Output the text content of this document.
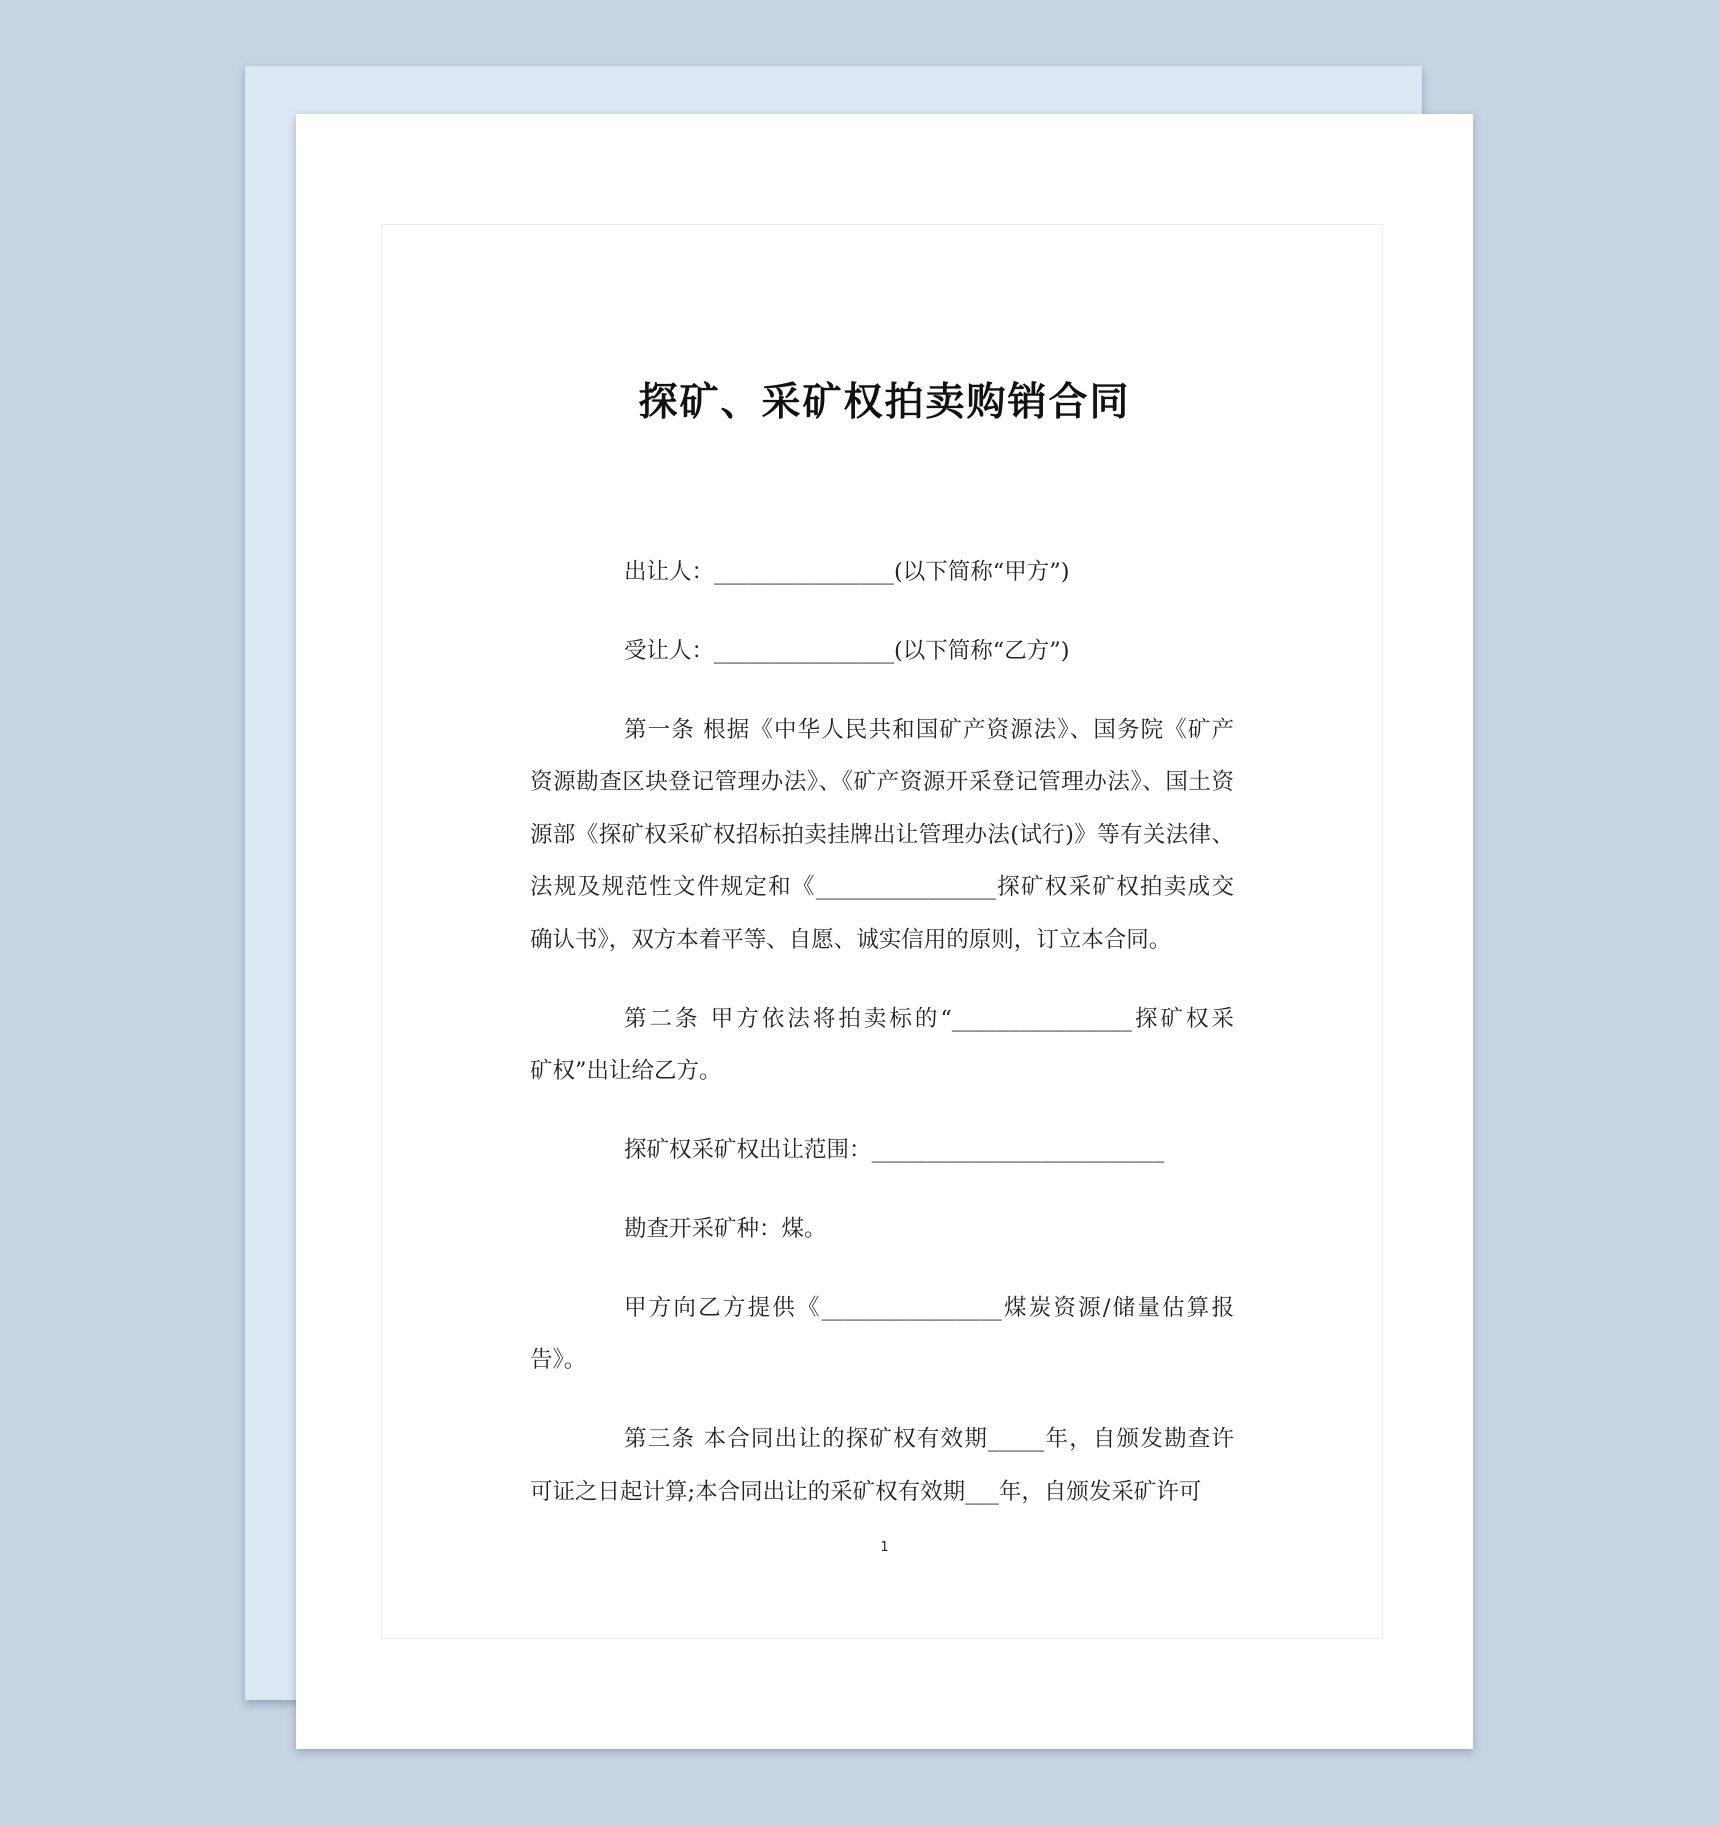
探矿、采矿权拍卖购销合同
出让人：________________(以下简称“甲方”)
受让人：________________(以下简称“乙方”)
第一条 根据《中华人民共和国矿产资源法》、国务院《矿产
资源勘查区块登记管理办法》、《矿产资源开采登记管理办法》、国土资
源部《探矿权采矿权招标拍卖挂牌出让管理办法(试行)》等有关法律、
法规及规范性文件规定和《________________探矿权采矿权拍卖成交
确认书》，双方本着平等、自愿、诚实信用的原则，订立本合同。
第二条 甲方依法将拍卖标的“________________探矿权采
矿权”出让给乙方。
探矿权采矿权出让范围：__________________________
勘查开采矿种：煤。
甲方向乙方提供《________________煤炭资源/储量估算报
告》。
第三条 本合同出让的探矿权有效期_____年，自颁发勘查许
可证之日起计算;本合同出让的采矿权有效期___年，自颁发采矿许可
1
